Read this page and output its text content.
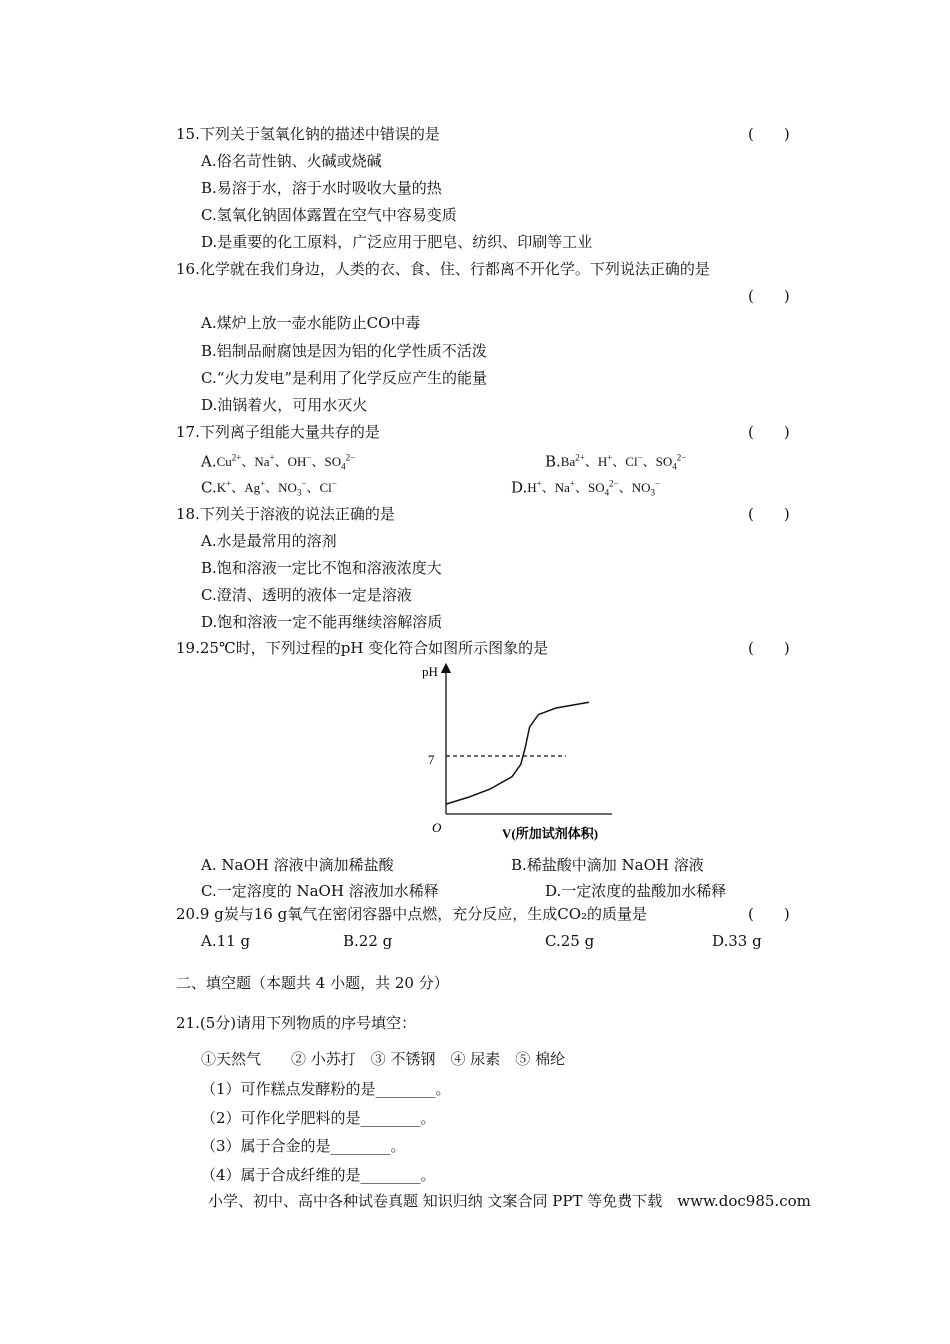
15.下列关于氢氧化钠的描述中错误的是	(　　)
A.俗名苛性钠、火碱或烧碱
B.易溶于水，溶于水时吸收大量的热
C.氢氧化钠固体露置在空气中容易变质
D.是重要的化工原料，广泛应用于肥皂、纺织、印刷等工业
16.化学就在我们身边，人类的衣、食、住、行都离不开化学。下列说法正确的是
(　　)
A.煤炉上放一壶水能防止CO中毒
B.铝制品耐腐蚀是因为铝的化学性质不活泼
C.“火力发电”是利用了化学反应产生的能量
D.油锅着火，可用水灭火
17.下列离子组能大量共存的是	(　　)
$A.Cu^{2+}$、Na+、OH−、$SO_4^{2-}$	$B.Ba^{2+}$、H+、Cl−、$SO_4^{2-}$
C.K+、Ag+、$NO_3^-$、Cl−	D.H+、Na+、$SO_4^{2-}$、$NO_3^-$
18.下列关于溶液的说法正确的是	(　　)
A.水是最常用的溶剂
B.饱和溶液一定比不饱和溶液浓度大
C.澄清、透明的液体一定是溶液
D.饱和溶液一定不能再继续溶解溶质
19.25℃时，下列过程的pH 变化符合如图所示图象的是	(　　)
pH
O	V(所加试剂体积)
7
A. NaOH 溶液中滴加稀盐酸	B.稀盐酸中滴加 NaOH 溶液
C.一定溶度的 NaOH 溶液加水稀释	D.一定浓度的盐酸加水稀释
20.9 g炭与16 g氧气在密闭容器中点燃，充分反应，生成CO₂的质量是	(　　)
A.11 g	B.22 g	C.25 g	D.33 g
二、填空题（本题共 4 小题，共 20 分）
21.(5分)请用下列物质的序号填空：
①天然气　　② 小苏打　③ 不锈钢　④ 尿素　⑤ 棉纶
（1）可作糕点发酵粉的是________。
（2）可作化学肥料的是________。
（3）属于合金的是________。
（4）属于合成纤维的是________。
小学、初中、高中各种试卷真题 知识归纳 文案合同 PPT 等免费下载　www.doc985.com
